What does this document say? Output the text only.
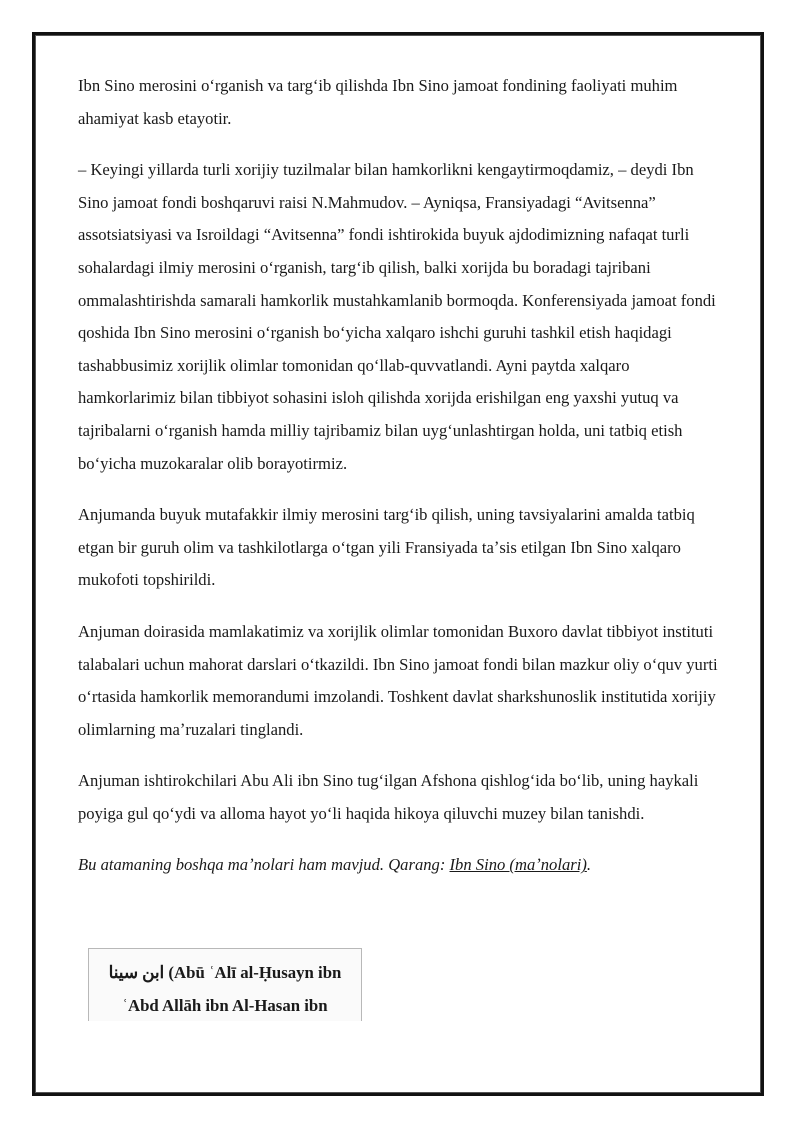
Ibn Sino merosini oʻrganish va targʻib qilishda Ibn Sino jamoat fondining faoliyati muhim ahamiyat kasb etayotir.

– Keyingi yillarda turli xorijiy tuzilmalar bilan hamkorlikni kengaytirmoqdamiz, – deydi Ibn Sino jamoat fondi boshqaruvi raisi N.Mahmudov. – Ayniqsa, Fransiyadagi “Avitsenna” assotsiatsiyasi va Isroildagi “Avitsenna” fondi ishtirokida buyuk ajdodimizning nafaqat turli sohalardagi ilmiy merosini oʻrganish, targʻib qilish, balki xorijda bu boradagi tajribani ommalashtirishda samarali hamkorlik mustahkamlanib bormoqda. Konferensiyada jamoat fondi qoshida Ibn Sino merosini oʻrganish boʻyicha xalqaro ishchi guruhi tashkil etish haqidagi tashabbusimiz xorijlik olimlar tomonidan qoʻllab-quvvatlandi. Ayni paytda xalqaro hamkorlarimiz bilan tibbiyot sohasini isloh qilishda xorijda erishilgan eng yaxshi yutuq va tajribalarni oʻrganish hamda milliy tajribamiz bilan uygʻunlashtirgan holda, uni tatbiq etish boʻyicha muzokaralar olib borayotirmiz.

Anjumanda buyuk mutafakkir ilmiy merosini targʻib qilish, uning tavsiyalarini amalda tatbiq etgan bir guruh olim va tashkilotlarga oʻtgan yili Fransiyada taʼsis etilgan Ibn Sino xalqaro mukofoti topshirildi.

Anjuman doirasida mamlakatimiz va xorijlik olimlar tomonidan Buxoro davlat tibbiyot instituti talabalari uchun mahorat darslari oʻtkazildi. Ibn Sino jamoat fondi bilan mazkur oliy oʻquv yurti oʻrtasida hamkorlik memorandumi imzolandi. Toshkent davlat sharkshunoslik institutida xorijiy olimlarning maʼruzalari tinglandi.

Anjuman ishtirokchilari Abu Ali ibn Sino tugʻilgan Afshona qishlogʻida boʻlib, uning haykali poyiga gul qoʻydi va alloma hayot yoʻli haqida hikoya qiluvchi muzey bilan tanishdi.

Bu atamaning boshqa maʼnolari ham mavjud. Qarang: Ibn Sino (maʼnolari).

ابن سينا (Abū ʿAlī al-Ḥusayn ibn ʿAbd Allāh ibn Al-Hasan ibn
